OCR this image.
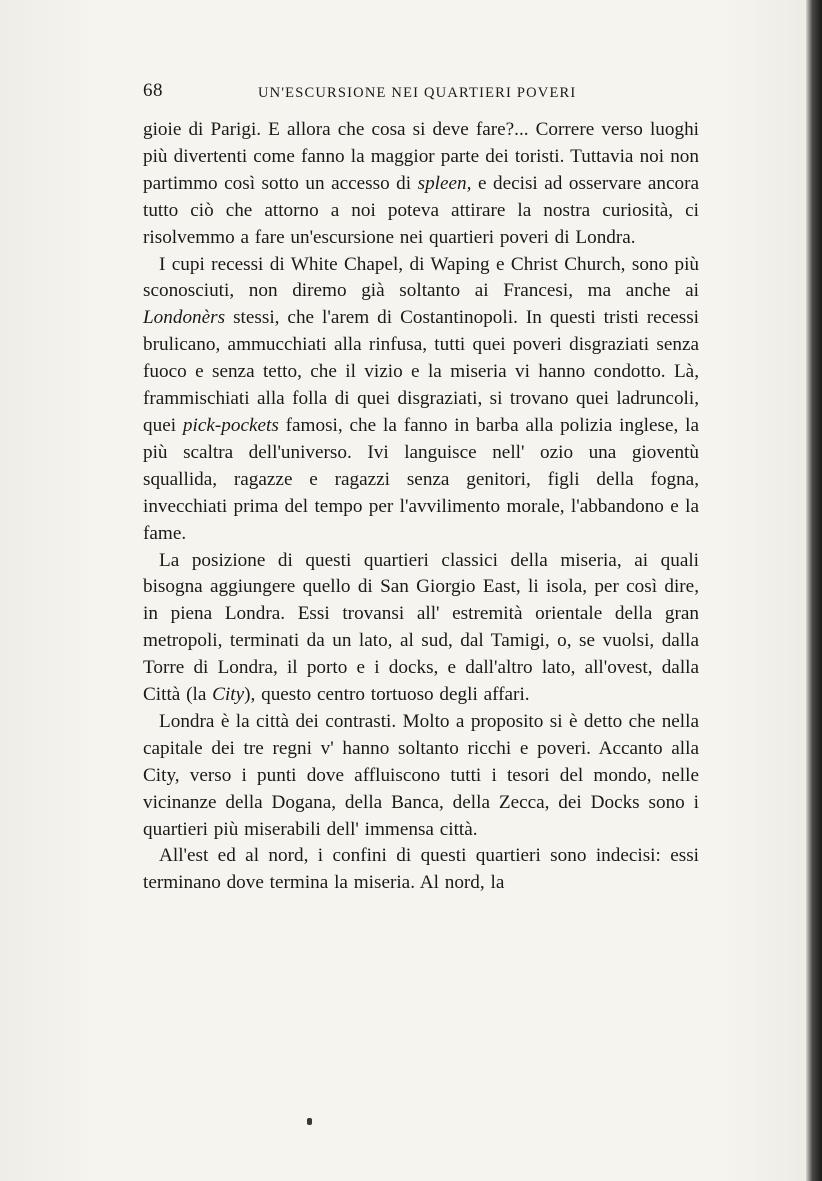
68	UN'ESCURSIONE NEI QUARTIERI POVERI

gioie di Parigi. E allora che cosa si deve fare?... Correre verso luoghi più divertenti come fanno la maggior parte dei toristi. Tuttavia noi non partimmo così sotto un accesso di spleen, e decisi ad osservare ancora tutto ciò che attorno a noi poteva attirare la nostra curiosità, ci risolvemmo a fare un'escursione nei quartieri poveri di Londra.

I cupi recessi di White Chapel, di Waping e Christ Church, sono più sconosciuti, non diremo già soltanto ai Francesi, ma anche ai Londonèrs stessi, che l'arem di Costantinopoli. In questi tristi recessi brulicano, ammucchiati alla rinfusa, tutti quei poveri disgraziati senza fuoco e senza tetto, che il vizio e la miseria vi hanno condotto. Là, frammischiati alla folla di quei disgraziati, si trovano quei ladruncoli, quei pick-pockets famosi, che la fanno in barba alla polizia inglese, la più scaltra dell'universo. Ivi languisce nell' ozio una gioventù squallida, ragazze e ragazzi senza genitori, figli della fogna, invecchiati prima del tempo per l'avvilimento morale, l'abbandono e la fame.

La posizione di questi quartieri classici della miseria, ai quali bisogna aggiungere quello di San Giorgio East, li isola, per così dire, in piena Londra. Essi trovansi all' estremità orientale della gran metropoli, terminati da un lato, al sud, dal Tamigi, o, se vuolsi, dalla Torre di Londra, il porto e i docks, e dall'altro lato, all'ovest, dalla Città (la City), questo centro tortuoso degli affari.

Londra è la città dei contrasti. Molto a proposito si è detto che nella capitale dei tre regni v' hanno soltanto ricchi e poveri. Accanto alla City, verso i punti dove affluiscono tutti i tesori del mondo, nelle vicinanze della Dogana, della Banca, della Zecca, dei Docks sono i quartieri più miserabili dell' immensa città.

All'est ed al nord, i confini di questi quartieri sono indecisi: essi terminano dove termina la miseria. Al nord, la
